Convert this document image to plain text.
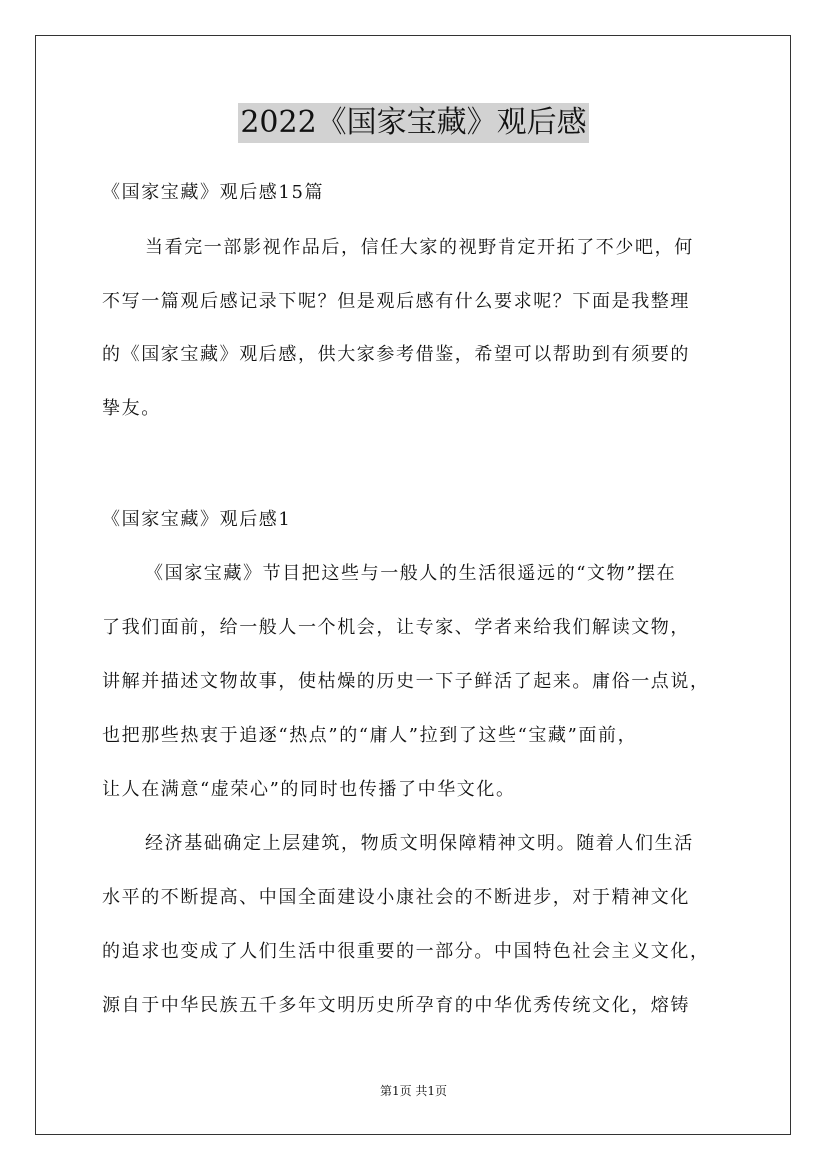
2022《国家宝藏》观后感
《国家宝藏》观后感15篇
当看完一部影视作品后，信任大家的视野肯定开拓了不少吧，何
不写一篇观后感记录下呢？但是观后感有什么要求呢？下面是我整理
的《国家宝藏》观后感，供大家参考借鉴，希望可以帮助到有须要的
挚友。
《国家宝藏》观后感1
《国家宝藏》节目把这些与一般人的生活很遥远的“文物”摆在
了我们面前，给一般人一个机会，让专家、学者来给我们解读文物，
讲解并描述文物故事，使枯燥的历史一下子鲜活了起来。庸俗一点说，
也把那些热衷于追逐“热点”的“庸人”拉到了这些“宝藏”面前，
让人在满意“虚荣心”的同时也传播了中华文化。
经济基础确定上层建筑，物质文明保障精神文明。随着人们生活
水平的不断提高、中国全面建设小康社会的不断进步，对于精神文化
的追求也变成了人们生活中很重要的一部分。中国特色社会主义文化，
源自于中华民族五千多年文明历史所孕育的中华优秀传统文化，熔铸
第1页 共1页
